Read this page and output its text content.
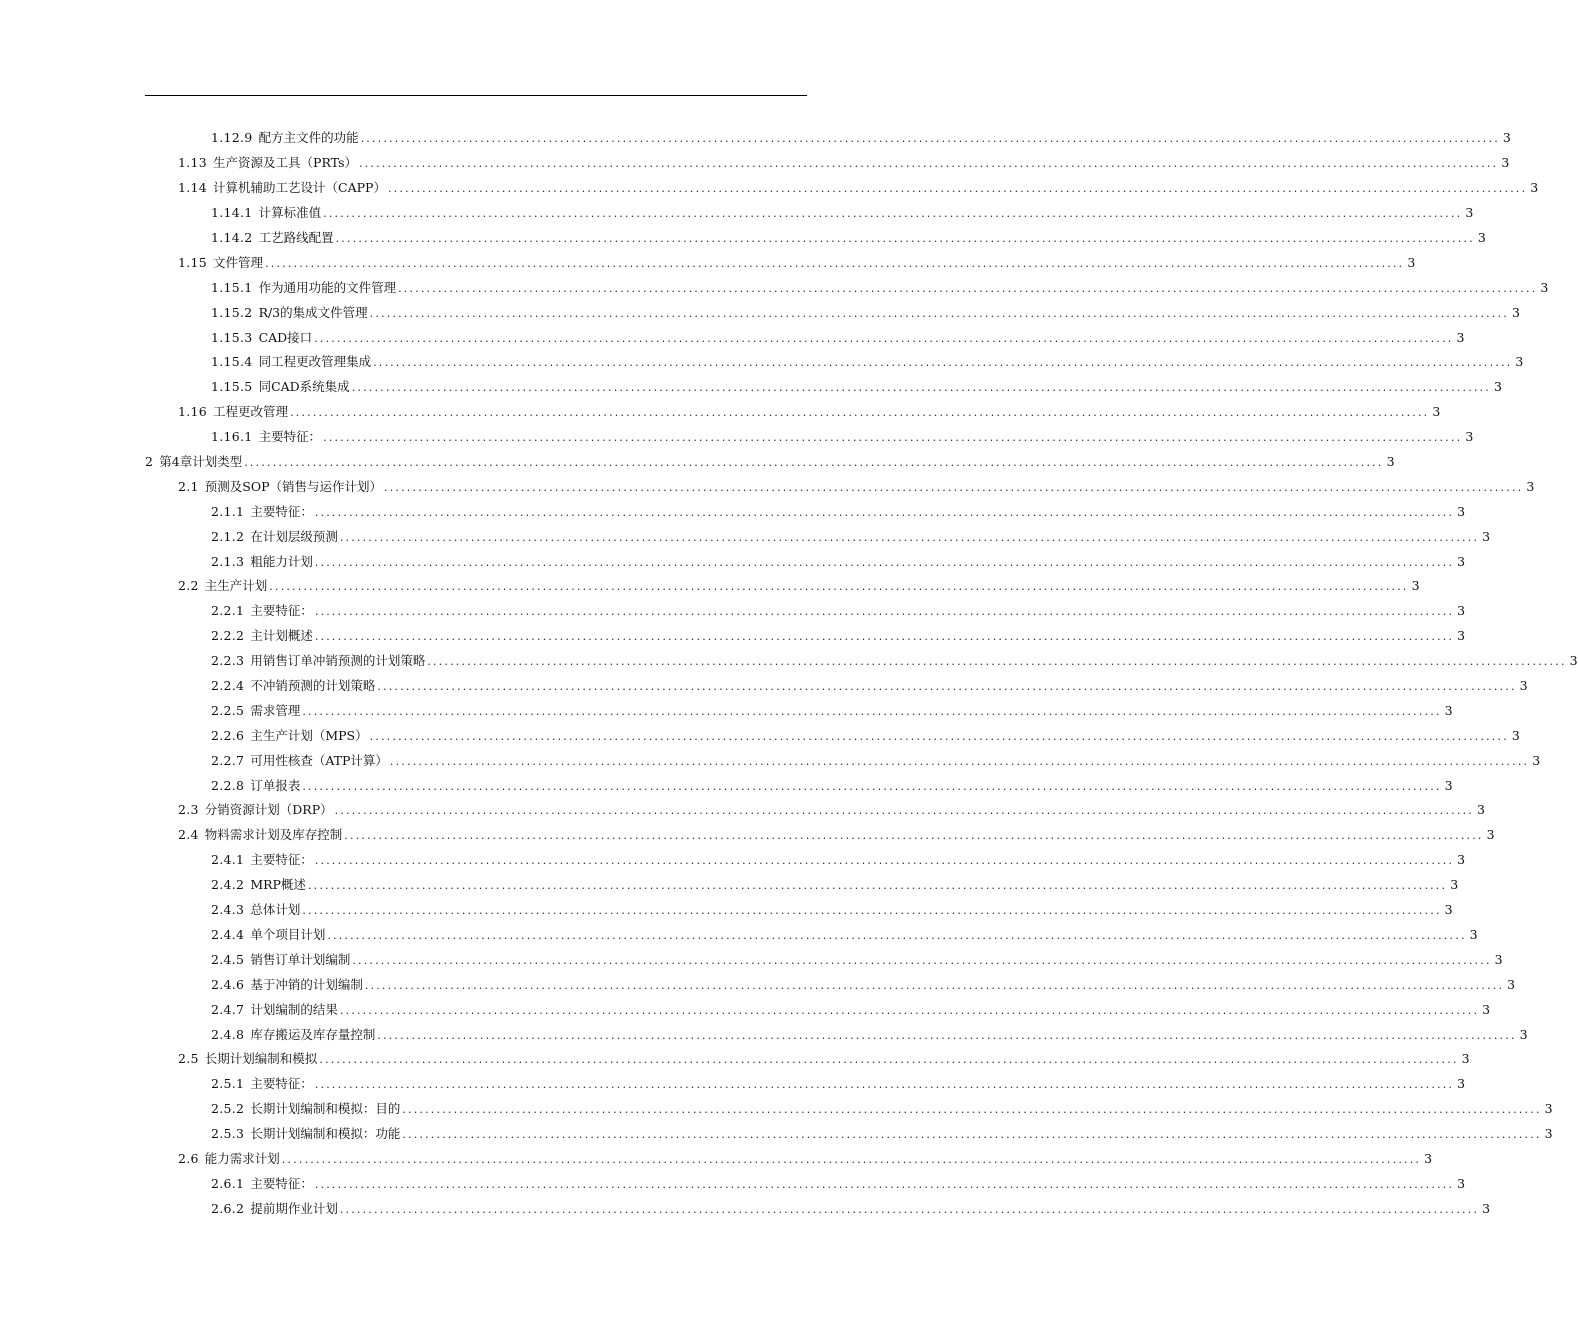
1.12.9 配方主文件的功能 ........................................................................................................................................................................................................ 3
1.13 生产资源及工具（PRTs） ........................................................................................................................................................................................................ 3
1.14 计算机辅助工艺设计（CAPP） ........................................................................................................................................................................................................ 3
1.14.1 计算标准值 ........................................................................................................................................................................................................ 3
1.14.2 工艺路线配置 ........................................................................................................................................................................................................ 3
1.15 文件管理 ........................................................................................................................................................................................................ 3
1.15.1 作为通用功能的文件管理 ........................................................................................................................................................................................................ 3
1.15.2 R/3的集成文件管理 ........................................................................................................................................................................................................ 3
1.15.3 CAD接口 ........................................................................................................................................................................................................ 3
1.15.4 同工程更改管理集成 ........................................................................................................................................................................................................ 3
1.15.5 同CAD系统集成 ........................................................................................................................................................................................................ 3
1.16 工程更改管理 ........................................................................................................................................................................................................ 3
1.16.1 主要特征： ........................................................................................................................................................................................................ 3
2 第4章计划类型 ........................................................................................................................................................................................................ 3
2.1 预测及SOP（销售与运作计划） ........................................................................................................................................................................................................ 3
2.1.1 主要特征： ........................................................................................................................................................................................................ 3
2.1.2 在计划层级预测 ........................................................................................................................................................................................................ 3
2.1.3 粗能力计划 ........................................................................................................................................................................................................ 3
2.2 主生产计划 ........................................................................................................................................................................................................ 3
2.2.1 主要特征： ........................................................................................................................................................................................................ 3
2.2.2 主计划概述 ........................................................................................................................................................................................................ 3
2.2.3 用销售订单冲销预测的计划策略 ........................................................................................................................................................................................................ 3
2.2.4 不冲销预测的计划策略 ........................................................................................................................................................................................................ 3
2.2.5 需求管理 ........................................................................................................................................................................................................ 3
2.2.6 主生产计划（MPS） ........................................................................................................................................................................................................ 3
2.2.7 可用性核查（ATP计算） ........................................................................................................................................................................................................ 3
2.2.8 订单报表 ........................................................................................................................................................................................................ 3
2.3 分销资源计划（DRP） ........................................................................................................................................................................................................ 3
2.4 物料需求计划及库存控制 ........................................................................................................................................................................................................ 3
2.4.1 主要特征： ........................................................................................................................................................................................................ 3
2.4.2 MRP概述 ........................................................................................................................................................................................................ 3
2.4.3 总体计划 ........................................................................................................................................................................................................ 3
2.4.4 单个项目计划 ........................................................................................................................................................................................................ 3
2.4.5 销售订单计划编制 ........................................................................................................................................................................................................ 3
2.4.6 基于冲销的计划编制 ........................................................................................................................................................................................................ 3
2.4.7 计划编制的结果 ........................................................................................................................................................................................................ 3
2.4.8 库存搬运及库存量控制 ........................................................................................................................................................................................................ 3
2.5 长期计划编制和模拟 ........................................................................................................................................................................................................ 3
2.5.1 主要特征： ........................................................................................................................................................................................................ 3
2.5.2 长期计划编制和模拟：目的 ........................................................................................................................................................................................................ 3
2.5.3 长期计划编制和模拟：功能 ........................................................................................................................................................................................................ 3
2.6 能力需求计划 ........................................................................................................................................................................................................ 3
2.6.1 主要特征： ........................................................................................................................................................................................................ 3
2.6.2 提前期作业计划 ........................................................................................................................................................................................................ 3
